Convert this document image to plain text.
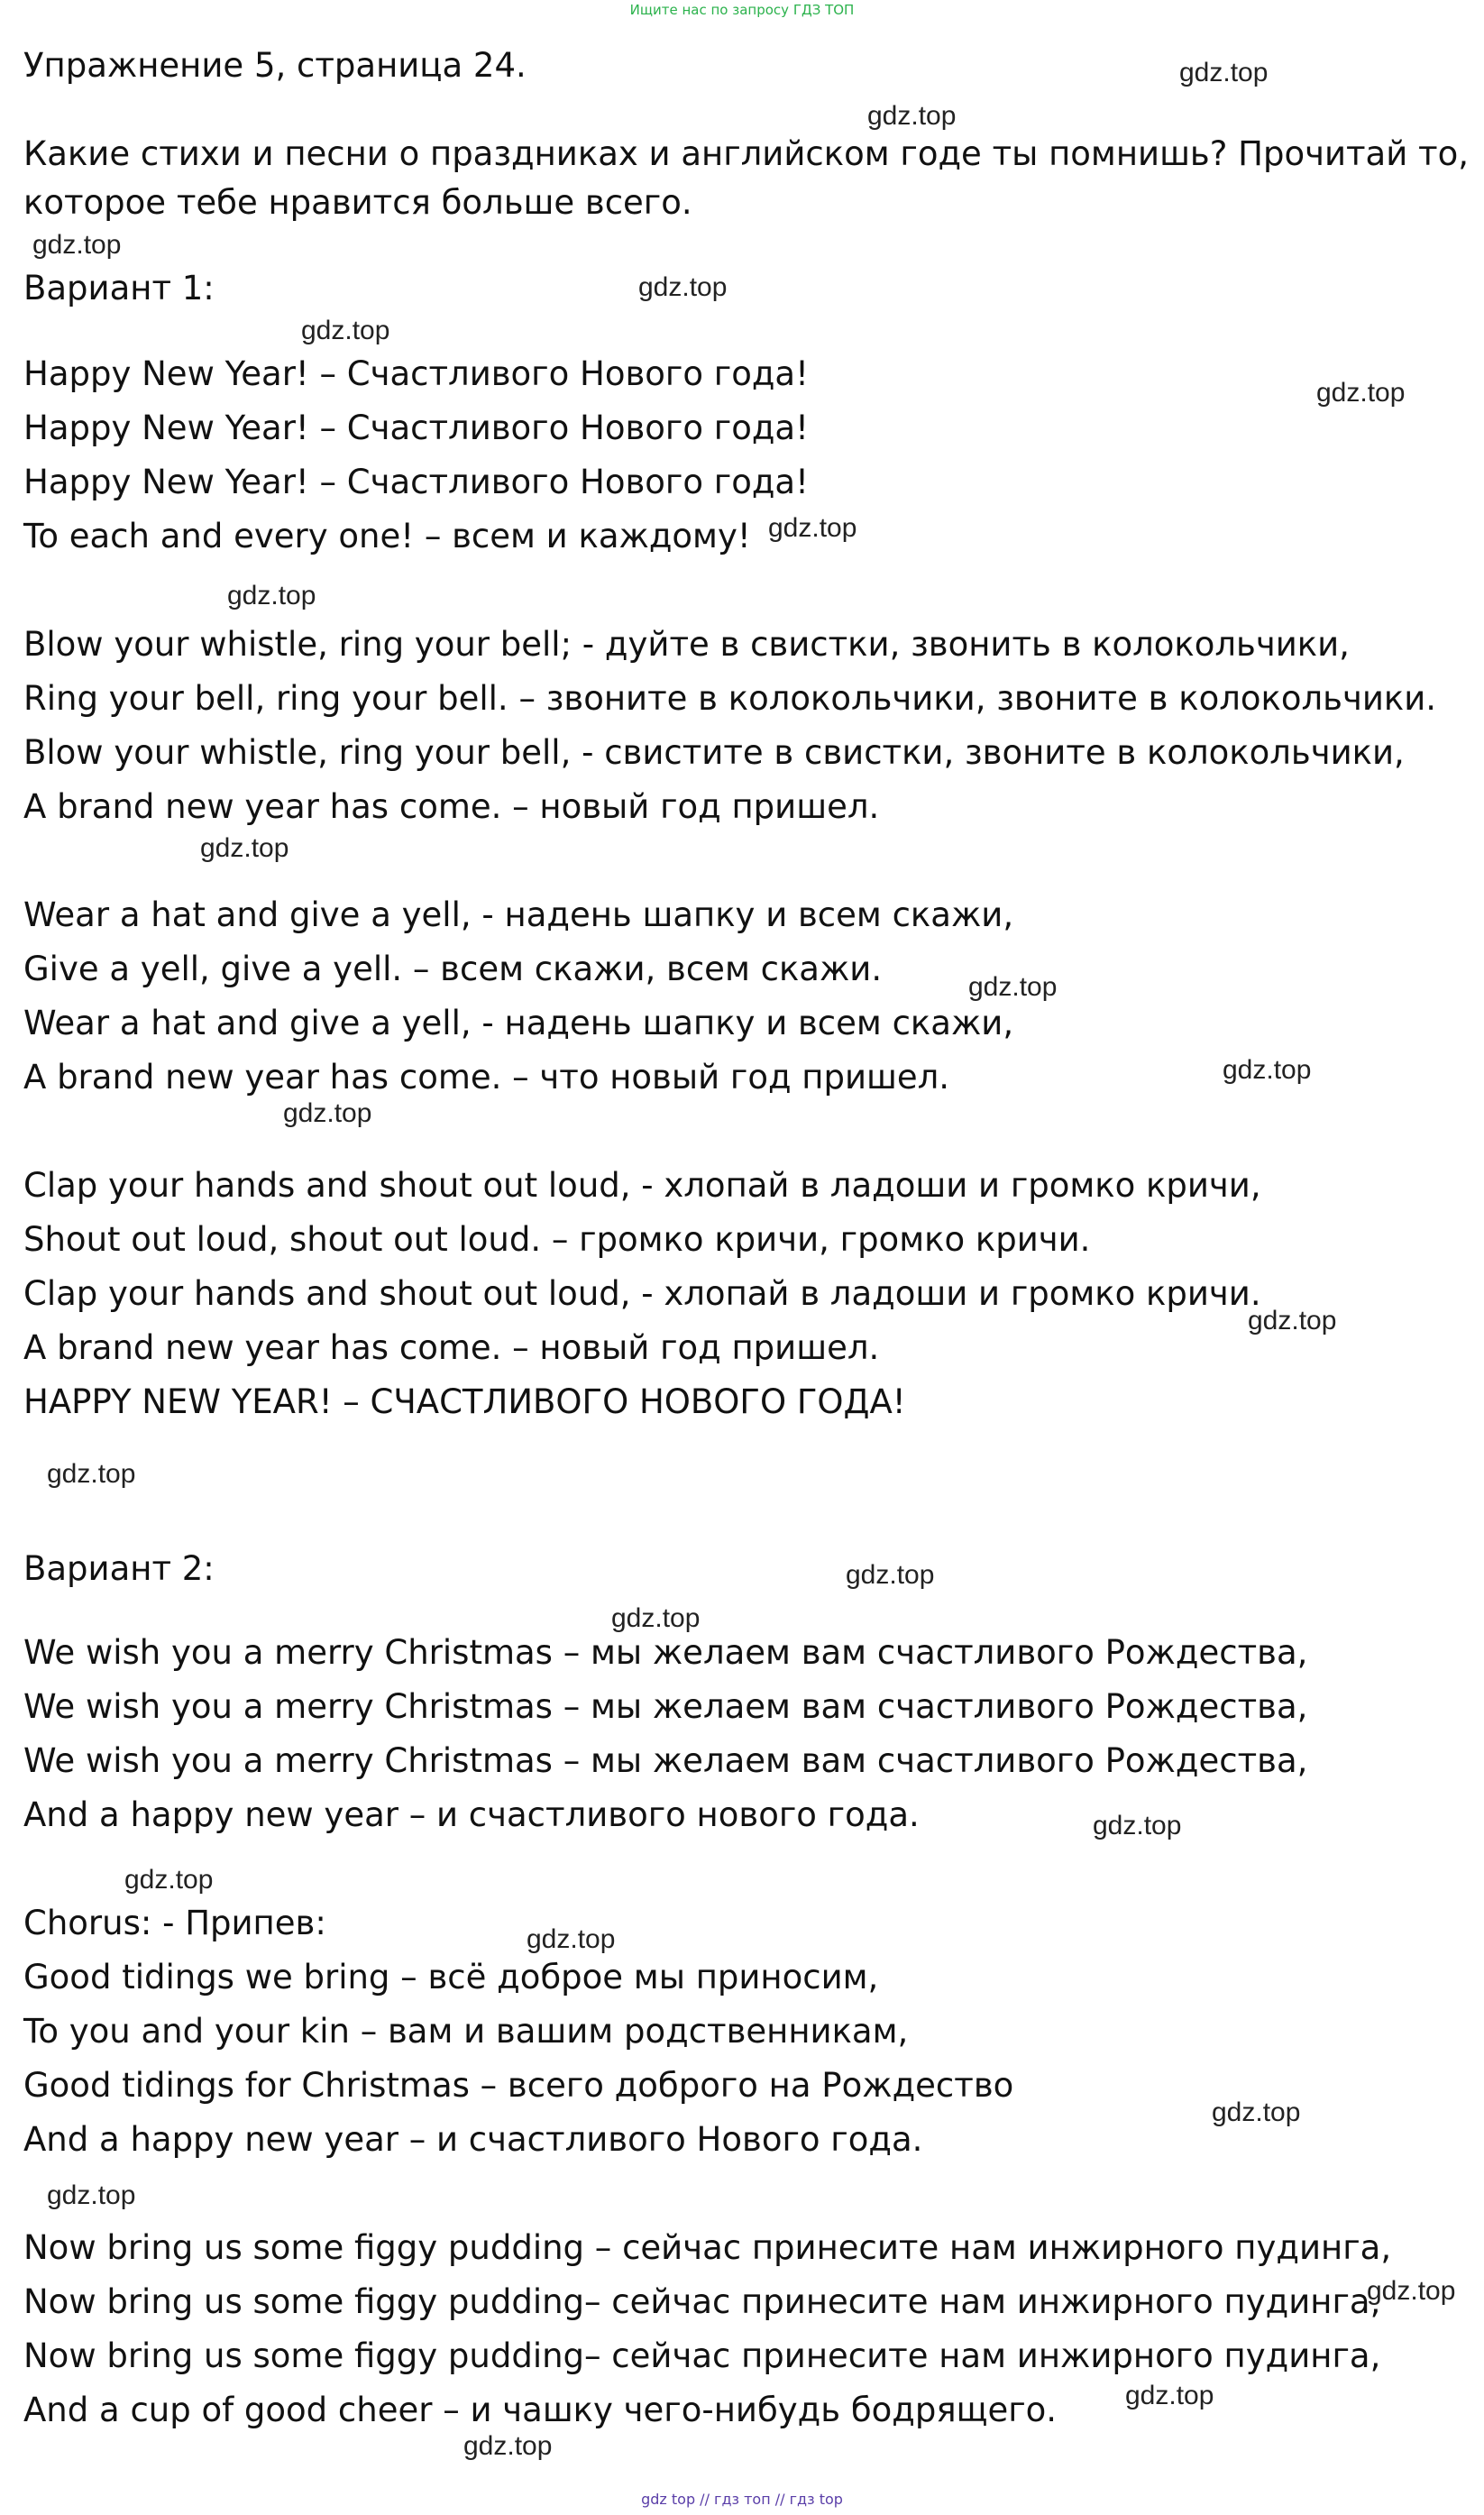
Ищите нас по запросу ГДЗ ТОП
Упражнение 5, страница 24.
Какие стихи и песни о праздниках и английском годе ты помнишь? Прочитай то,
которое тебе нравится больше всего.
Вариант 1:
Happy New Year! – Счастливого Нового года!
Happy New Year! – Счастливого Нового года!
Happy New Year! – Счастливого Нового года!
To each and every one! – всем и каждому!
Blow your whistle, ring your bell; - дуйте в свистки, звонить в колокольчики,
Ring your bell, ring your bell. – звоните в колокольчики, звоните в колокольчики.
Blow your whistle, ring your bell, - свистите в свистки, звоните в колокольчики,
A brand new year has come. – новый год пришел.
Wear a hat and give a yell, - надень шапку и всем скажи,
Give a yell, give a yell. – всем скажи, всем скажи.
Wear a hat and give a yell, - надень шапку и всем скажи,
A brand new year has come. – что новый год пришел.
Clap your hands and shout out loud, - хлопай в ладоши и громко кричи,
Shout out loud, shout out loud. – громко кричи, громко кричи.
Clap your hands and shout out loud, - хлопай в ладоши и громко кричи.
A brand new year has come. – новый год пришел.
HAPPY NEW YEAR! – СЧАСТЛИВОГО НОВОГО ГОДА!
Вариант 2:
We wish you a merry Christmas – мы желаем вам счастливого Рождества,
We wish you a merry Christmas – мы желаем вам счастливого Рождества,
We wish you a merry Christmas – мы желаем вам счастливого Рождества,
And a happy new year – и счастливого нового года.
Chorus: - Припев:
Good tidings we bring – всё доброе мы приносим,
To you and your kin – вам и вашим родственникам,
Good tidings for Christmas – всего доброго на Рождество
And a happy new year – и счастливого Нового года.
Now bring us some figgy pudding – сейчас принесите нам инжирного пудинга,
Now bring us some figgy pudding– сейчас принесите нам инжирного пудинга,
Now bring us some figgy pudding– сейчас принесите нам инжирного пудинга,
And a cup of good cheer – и чашку чего-нибудь бодрящего.
gdz.top
gdz.top
gdz.top
gdz.top
gdz.top
gdz.top
gdz.top
gdz.top
gdz.top
gdz.top
gdz.top
gdz.top
gdz.top
gdz.top
gdz.top
gdz.top
gdz.top
gdz.top
gdz.top
gdz.top
gdz.top
gdz.top
gdz.top
gdz.top
gdz top // гдз топ // гдз top
